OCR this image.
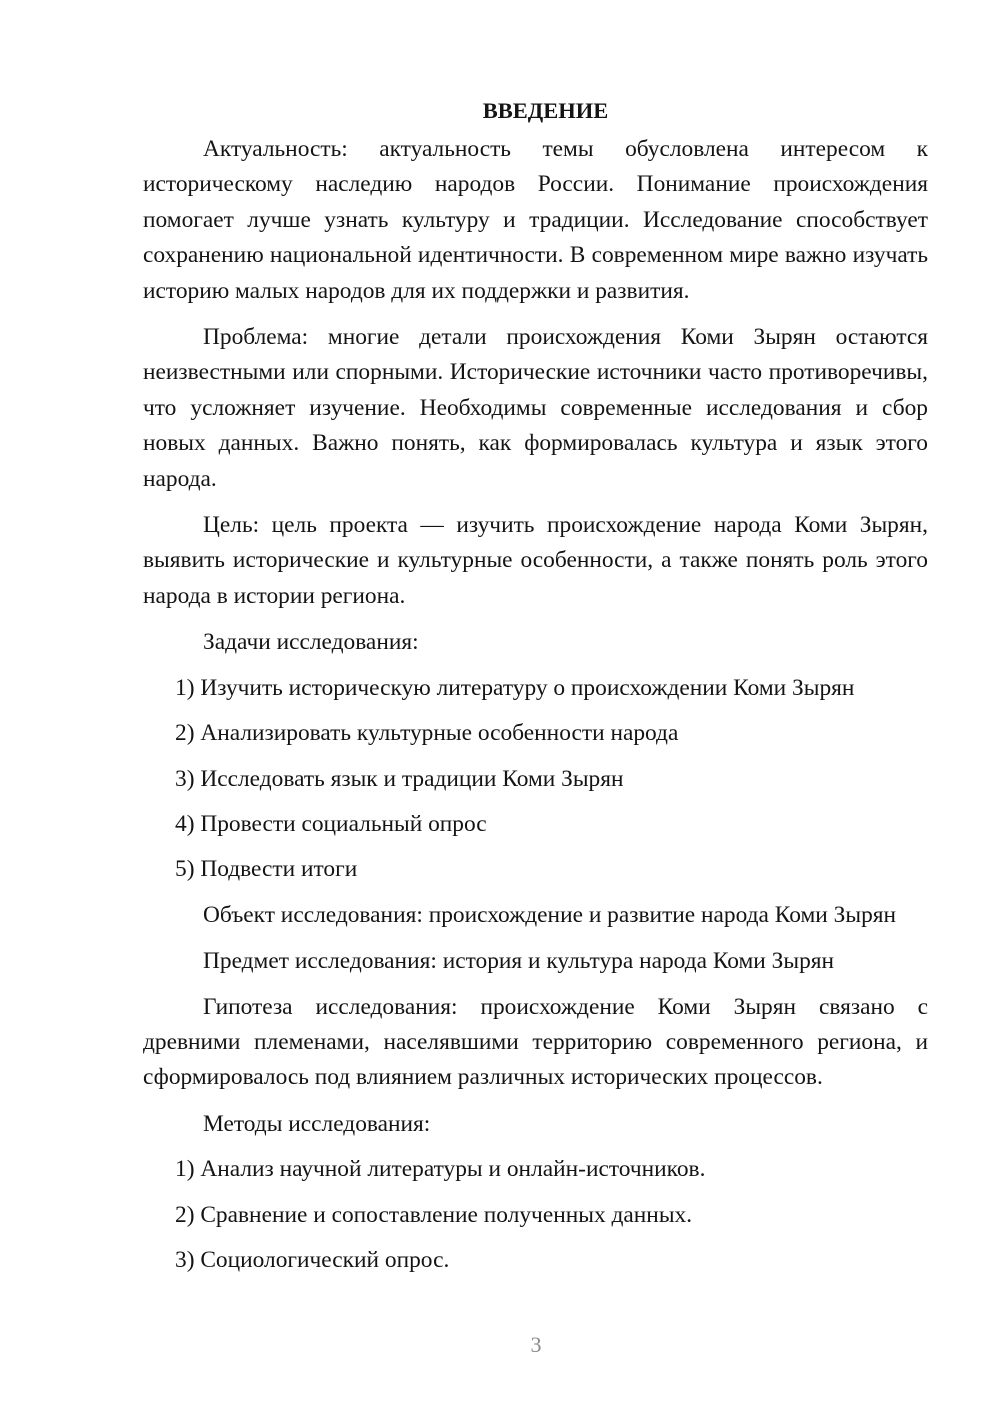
ВВЕДЕНИЕ

Актуальность: актуальность темы обусловлена интересом к историческому наследию народов России. Понимание происхождения помогает лучше узнать культуру и традиции. Исследование способствует сохранению национальной идентичности. В современном мире важно изучать историю малых народов для их поддержки и развития.

Проблема: многие детали происхождения Коми Зырян остаются неизвестными или спорными. Исторические источники часто противоречивы, что усложняет изучение. Необходимы современные исследования и сбор новых данных. Важно понять, как формировалась культура и язык этого народа.

Цель: цель проекта — изучить происхождение народа Коми Зырян, выявить исторические и культурные особенности, а также понять роль этого народа в истории региона.

Задачи исследования:

1) Изучить историческую литературу о происхождении Коми Зырян

2) Анализировать культурные особенности народа

3) Исследовать язык и традиции Коми Зырян

4) Провести социальный опрос

5) Подвести итоги

Объект исследования: происхождение и развитие народа Коми Зырян

Предмет исследования: история и культура народа Коми Зырян

Гипотеза исследования: происхождение Коми Зырян связано с древними племенами, населявшими территорию современного региона, и сформировалось под влиянием различных исторических процессов.

Методы исследования:

1) Анализ научной литературы и онлайн-источников.

2) Сравнение и сопоставление полученных данных.

3) Социологический опрос.

3
